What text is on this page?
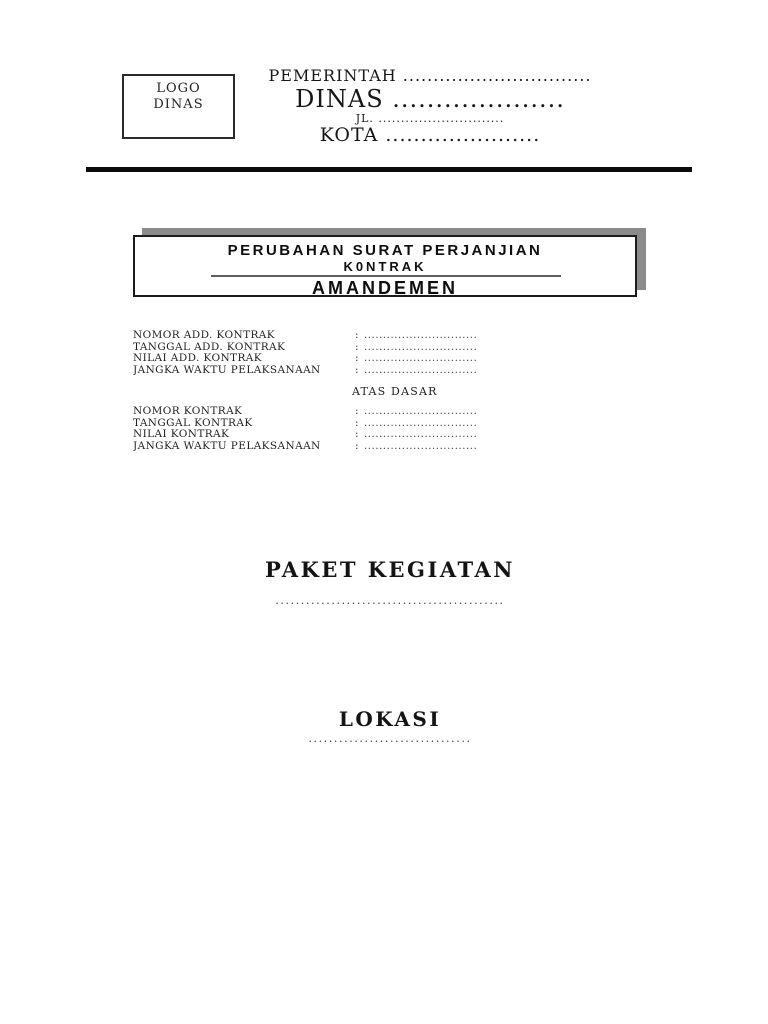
LOGO
DINAS
PEMERINTAH ...............................
DINAS ....................
JL. ............................
KOTA ......................
PERUBAHAN SURAT PERJANJIAN
K0NTRAK
AMANDEMEN
NOMOR ADD. KONTRAK	: ..............................
TANGGAL ADD. KONTRAK	: ..............................
NILAI ADD. KONTRAK	: ..............................
JANGKA WAKTU PELAKSANAAN	: ..............................
ATAS DASAR
NOMOR KONTRAK	: ..............................
TANGGAL KONTRAK	: ..............................
NILAI KONTRAK	: ..............................
JANGKA WAKTU PELAKSANAAN	: ..............................
PAKET KEGIATAN
.............................................
LOKASI
................................
